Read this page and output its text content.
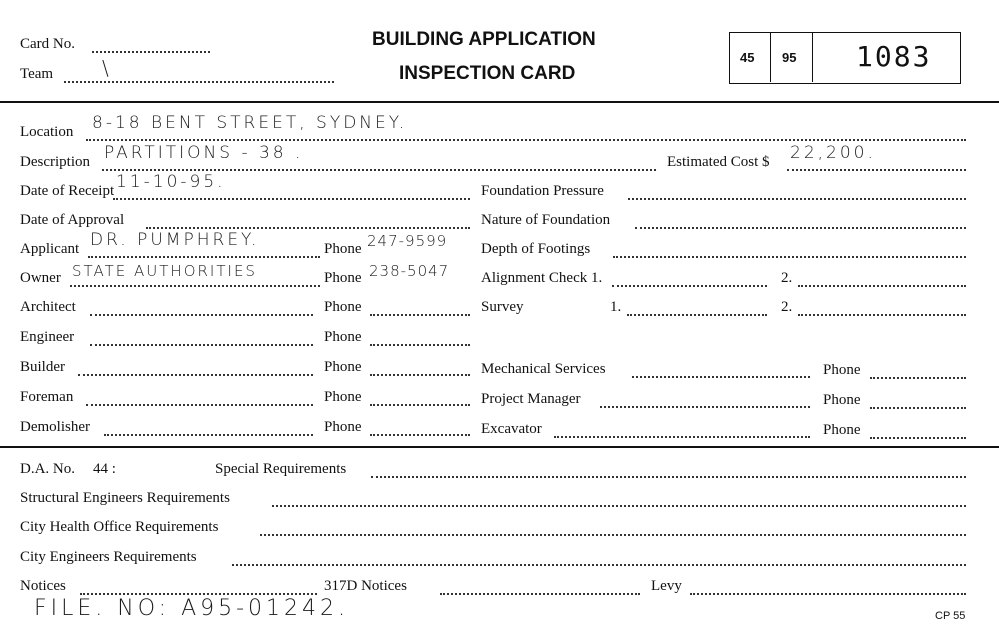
Card No.
Team \
BUILDING APPLICATION
INSPECTION CARD
45 95 1083
Location 8-18 BENT STREET, SYDNEY.
Description PARTITIONS - 38 .	Estimated Cost $ 22,200.
Date of Receipt 11-10-95.	Foundation Pressure
Date of Approval	Nature of Foundation
Applicant DR. PUMPHREY.	Phone 247-9599 Depth of Footings
Owner STATE AUTHORITIES	Phone 238-5047 Alignment Check 1.	2.
Architect	Phone	Survey	1.	2.
Engineer	Phone
Builder	Phone	Mechanical Services	Phone
Foreman	Phone	Project Manager	Phone
Demolisher	Phone	Excavator	Phone
D.A. No. 44 :	Special Requirements
Structural Engineers Requirements
City Health Office Requirements
City Engineers Requirements
Notices	317D Notices	Levy
FILE. NO: A95-01242.	CP 55
